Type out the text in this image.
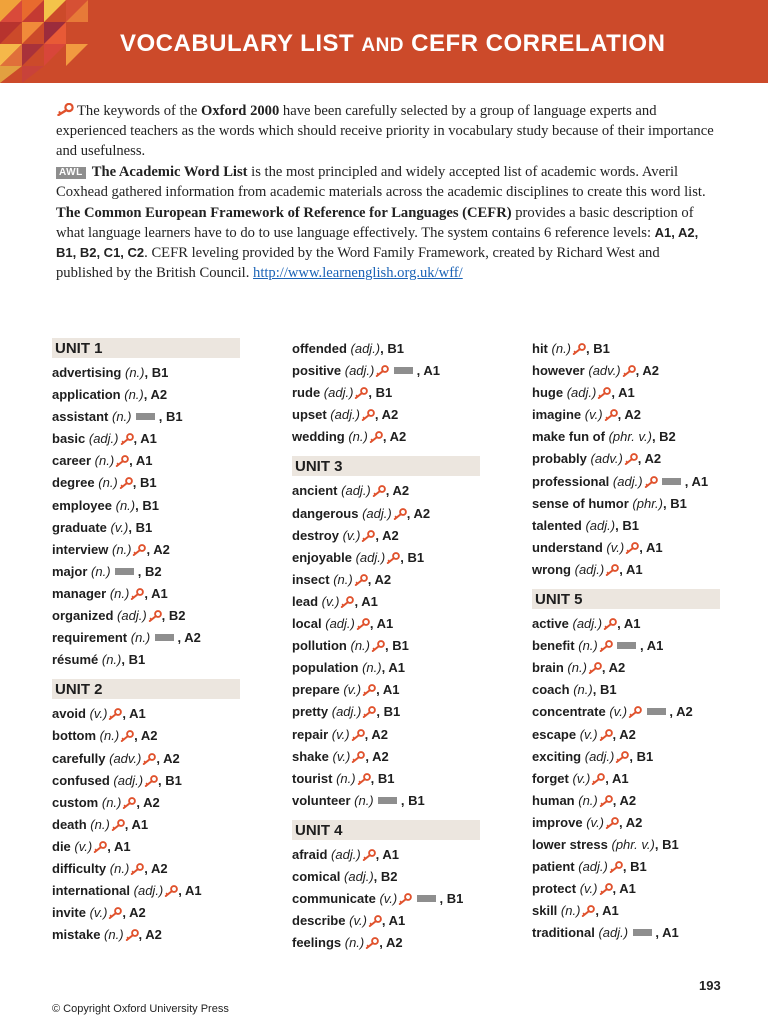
VOCABULARY LIST AND CEFR CORRELATION

The keywords of the Oxford 2000 have been carefully selected by a group of language experts and experienced teachers as the words which should receive priority in vocabulary study because of their importance and usefulness.

AWL The Academic Word List is the most principled and widely accepted list of academic words. Averil Coxhead gathered information from academic materials across the academic disciplines to create this word list.

The Common European Framework of Reference for Languages (CEFR) provides a basic description of what language learners have to do to use language effectively. The system contains 6 reference levels: A1, A2, B1, B2, C1, C2. CEFR leveling provided by the Word Family Framework, created by Richard West and published by the British Council. http://www.learnenglish.org.uk/wff/

UNIT 1
advertising (n.), B1
application (n.), A2
assistant (n.)  , B1
basic (adj.) , A1
career (n.) , A1
degree (n.) , B1
employee (n.), B1
graduate (v.), B1
interview (n.) , A2
major (n.)  , B2
manager (n.) , A1
organized (adj.) , B2
requirement (n.)  , A2
résumé (n.), B1
UNIT 2
avoid (v.) , A1
bottom (n.) , A2
carefully (adv.) , A2
confused (adj.) , B1
custom (n.) , A2
death (n.) , A1
die (v.) , A1
difficulty (n.) , A2
international (adj.) , A1
invite (v.) , A2
mistake (n.) , A2
offended (adj.), B1
positive (adj.)	, A1
rude (adj.) , B1
upset (adj.) , A2
wedding (n.) , A2
UNIT 3
ancient (adj.) , A2
dangerous (adj.) , A2
destroy (v.) , A2
enjoyable (adj.) , B1
insect (n.) , A2
lead (v.) , A1
local (adj.) , A1
pollution (n.) , B1
population (n.), A1
prepare (v.) , A1
pretty (adj.) , B1
repair (v.) , A2
shake (v.) , A2
tourist (n.) , B1
volunteer (n.)  , B1
UNIT 4
afraid (adj.) , A1
comical (adj.), B2
communicate (v.)	, B1
describe (v.) , A1
feelings (n.) , A2
hit (n.) , B1
however (adv.) , A2
huge (adj.) , A1
imagine (v.) , A2
make fun of (phr. v.), B2
probably (adv.) , A2
professional (adj.)	, A1
sense of humor (phr.), B1
talented (adj.), B1
understand (v.) , A1
wrong (adj.) , A1
UNIT 5
active (adj.) , A1
benefit (n.)	, A1
brain (n.) , A2
coach (n.), B1
concentrate (v.)	, A2
escape (v.) , A2
exciting (adj.) , B1
forget (v.) , A1
human (n.) , A2
improve (v.) , A2
lower stress (phr. v.), B1
patient (adj.) , B1
protect (v.) , A1
skill (n.) , A1
traditional (adj.)  , A1
193
© Copyright Oxford University Press
